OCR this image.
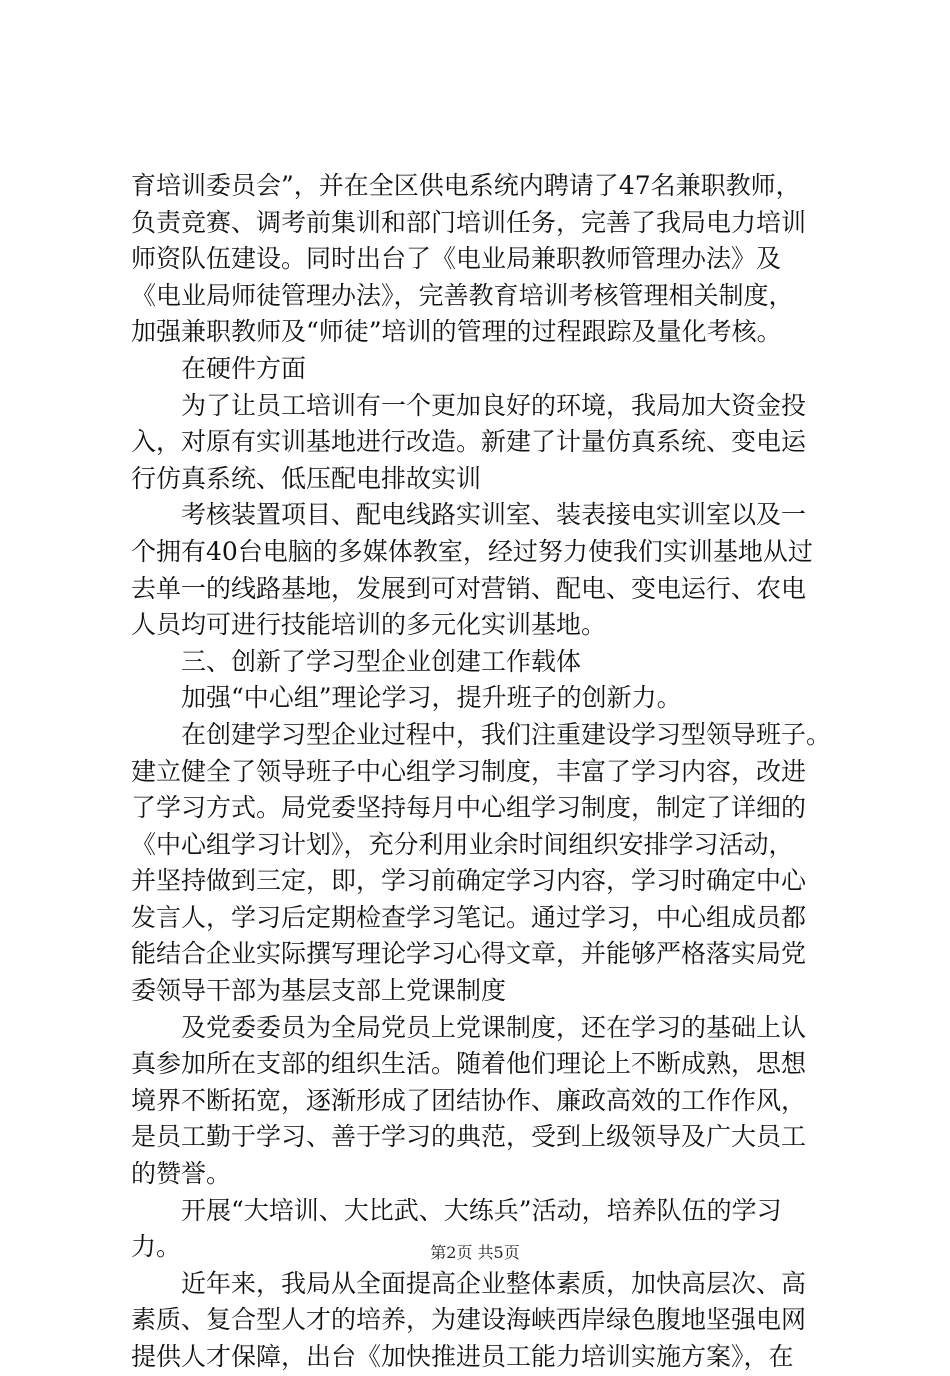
育培训委员会”，并在全区供电系统内聘请了47名兼职教师，
负责竞赛、调考前集训和部门培训任务，完善了我局电力培训
师资队伍建设。同时出台了《电业局兼职教师管理办法》及
《电业局师徒管理办法》，完善教育培训考核管理相关制度，
加强兼职教师及“师徒”培训的管理的过程跟踪及量化考核。
在硬件方面
为了让员工培训有一个更加良好的环境，我局加大资金投
入，对原有实训基地进行改造。新建了计量仿真系统、变电运
行仿真系统、低压配电排故实训
考核装置项目、配电线路实训室、装表接电实训室以及一
个拥有40台电脑的多媒体教室，经过努力使我们实训基地从过
去单一的线路基地，发展到可对营销、配电、变电运行、农电
人员均可进行技能培训的多元化实训基地。
三、创新了学习型企业创建工作载体
加强“中心组”理论学习，提升班子的创新力。
在创建学习型企业过程中，我们注重建设学习型领导班子。
建立健全了领导班子中心组学习制度，丰富了学习内容，改进
了学习方式。局党委坚持每月中心组学习制度，制定了详细的
《中心组学习计划》，充分利用业余时间组织安排学习活动，
并坚持做到三定，即，学习前确定学习内容，学习时确定中心
发言人，学习后定期检查学习笔记。通过学习，中心组成员都
能结合企业实际撰写理论学习心得文章，并能够严格落实局党
委领导干部为基层支部上党课制度
及党委委员为全局党员上党课制度，还在学习的基础上认
真参加所在支部的组织生活。随着他们理论上不断成熟，思想
境界不断拓宽，逐渐形成了团结协作、廉政高效的工作作风，
是员工勤于学习、善于学习的典范，受到上级领导及广大员工
的赞誉。
开展“大培训、大比武、大练兵”活动，培养队伍的学习
力。
近年来，我局从全面提高企业整体素质，加快高层次、高
素质、复合型人才的培养，为建设海峡西岸绿色腹地坚强电网
提供人才保障，出台《加快推进员工能力培训实施方案》，在
第2页 共5页
